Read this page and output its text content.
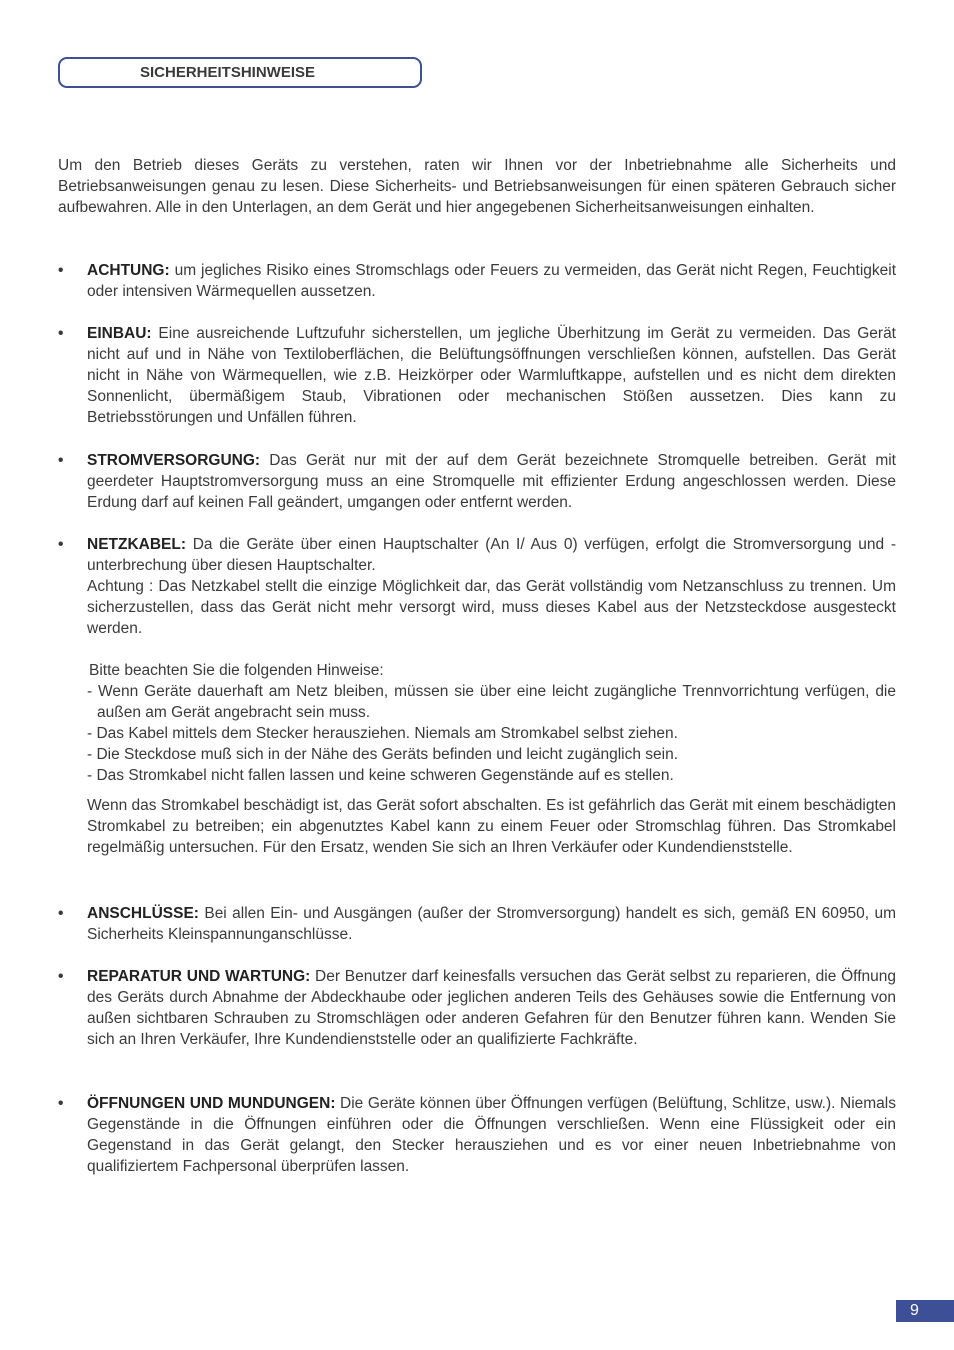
SICHERHEITSHINWEISE

Um den Betrieb dieses Geräts zu verstehen, raten wir Ihnen vor der Inbetriebnahme alle Sicherheits und Betriebsanweisungen genau zu lesen. Diese Sicherheits- und Betriebsanweisungen für einen späteren Gebrauch sicher aufbewahren. Alle in den Unterlagen, an dem Gerät und hier angegebenen Sicherheitsanweisungen einhalten.

• ACHTUNG: um jegliches Risiko eines Stromschlags oder Feuers zu vermeiden, das Gerät nicht Regen, Feuchtigkeit oder intensiven Wärmequellen aussetzen.
• EINBAU: Eine ausreichende Luftzufuhr sicherstellen, um jegliche Überhitzung im Gerät zu vermeiden. Das Gerät nicht auf und in Nähe von Textiloberflächen, die Belüftungsöffnungen verschließen können, aufstellen. Das Gerät nicht in Nähe von Wärmequellen, wie z.B. Heizkörper oder Warmluftkappe, aufstellen und es nicht dem direkten Sonnenlicht, übermäßigem Staub, Vibrationen oder mechanischen Stößen aussetzen. Dies kann zu Betriebsstörungen und Unfällen führen.
• STROMVERSORGUNG: Das Gerät nur mit der auf dem Gerät bezeichnete Stromquelle betreiben. Gerät mit geerdeter Hauptstromversorgung muss an eine Stromquelle mit effizienter Erdung angeschlossen werden. Diese Erdung darf auf keinen Fall geändert, umgangen oder entfernt werden.
• NETZKABEL: Da die Geräte über einen Hauptschalter (An I/ Aus 0) verfügen, erfolgt die Stromversorgung und -unterbrechung über diesen Hauptschalter.
Achtung : Das Netzkabel stellt die einzige Möglichkeit dar, das Gerät vollständig vom Netzanschluss zu trennen. Um sicherzustellen, dass das Gerät nicht mehr versorgt wird, muss dieses Kabel aus der Netzsteckdose ausgesteckt werden.
Bitte beachten Sie die folgenden Hinweise:
- Wenn Geräte dauerhaft am Netz bleiben, müssen sie über eine leicht zugängliche Trennvorrichtung verfügen, die außen am Gerät angebracht sein muss.
- Das Kabel mittels dem Stecker herausziehen. Niemals am Stromkabel selbst ziehen.
- Die Steckdose muß sich in der Nähe des Geräts befinden und leicht zugänglich sein.
- Das Stromkabel nicht fallen lassen und keine schweren Gegenstände auf es stellen.
Wenn das Stromkabel beschädigt ist, das Gerät sofort abschalten. Es ist gefährlich das Gerät mit einem beschädigten Stromkabel zu betreiben; ein abgenutztes Kabel kann zu einem Feuer oder Stromschlag führen. Das Stromkabel regelmäßig untersuchen. Für den Ersatz, wenden Sie sich an Ihren Verkäufer oder Kundendienststelle.
• ANSCHLÜSSE: Bei allen Ein- und Ausgängen (außer der Stromversorgung) handelt es sich, gemäß EN 60950, um Sicherheits Kleinspannunganschlüsse.
• REPARATUR UND WARTUNG: Der Benutzer darf keinesfalls versuchen das Gerät selbst zu reparieren, die Öffnung des Geräts durch Abnahme der Abdeckhaube oder jeglichen anderen Teils des Gehäuses sowie die Entfernung von außen sichtbaren Schrauben zu Stromschlägen oder anderen Gefahren für den Benutzer führen kann. Wenden Sie sich an Ihren Verkäufer, Ihre Kundendienststelle oder an qualifizierte Fachkräfte.
• ÖFFNUNGEN UND MUNDUNGEN: Die Geräte können über Öffnungen verfügen (Belüftung, Schlitze, usw.). Niemals Gegenstände in die Öffnungen einführen oder die Öffnungen verschließen. Wenn eine Flüssigkeit oder ein Gegenstand in das Gerät gelangt, den Stecker herausziehen und es vor einer neuen Inbetriebnahme von qualifiziertem Fachpersonal überprüfen lassen.
9
